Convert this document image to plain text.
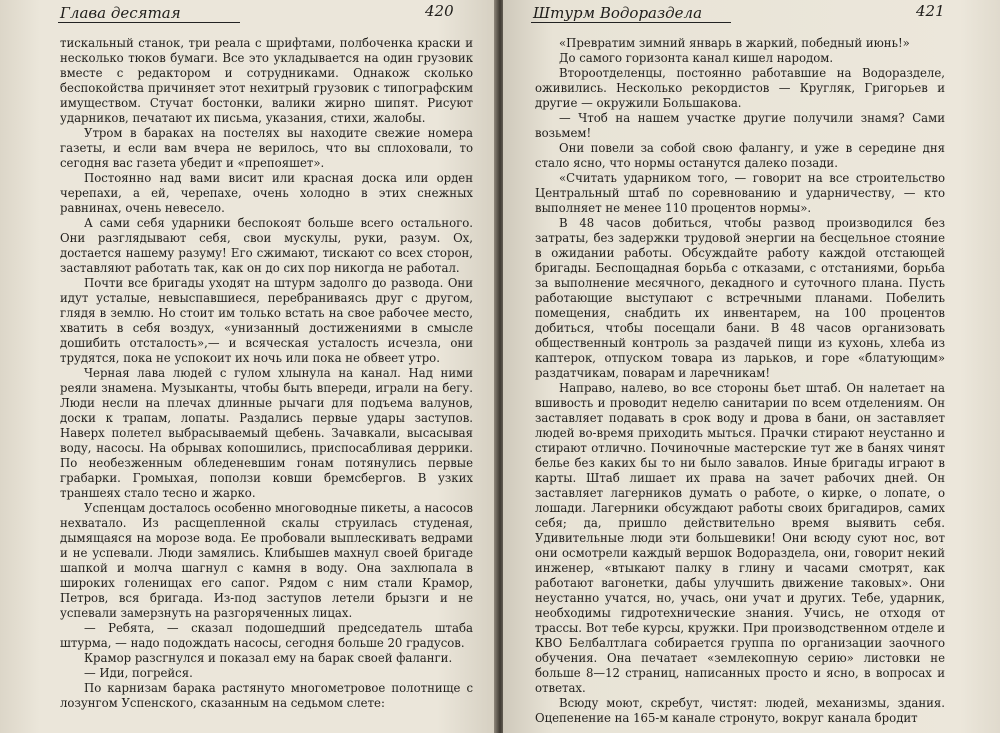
Глава десятая	420

тискальный станок, три реала с шрифтами, полбоченка краски и несколько тюков бумаги. Все это укладывается на один грузовик вместе с редактором и сотрудниками. Однакож сколько беспокойства причиняет этот нехитрый грузовик с типографским имуществом. Стучат бостонки, валики жирно шипят. Рисуют ударников, печатают их письма, указания, стихи, жалобы.

Утром в бараках на постелях вы находите свежие номера газеты, и если вам вчера не верилось, что вы сплоховали, то сегодня вас газета убедит и «препояшет».

Постоянно над вами висит или красная доска или орден черепахи, а ей, черепахе, очень холодно в этих снежных равнинах, очень невесело.

А сами себя ударники беспокоят больше всего остального. Они разглядывают себя, свои мускулы, руки, разум. Ох, достается нашему разуму! Его сжимают, тискают со всех сторон, заставляют работать так, как он до сих пор никогда не работал.

Почти все бригады уходят на штурм задолго до развода. Они идут усталые, невыспавшиеся, перебраниваясь друг с другом, глядя в землю. Но стоит им только встать на свое рабочее место, хватить в себя воздух, «унизанный достижениями в смысле дошибить отсталость»,— и всяческая усталость исчезла, они трудятся, пока не успокоит их ночь или пока не обвеет утро.

Черная лава людей с гулом хлынула на канал. Над ними реяли знамена. Музыканты, чтобы быть впереди, играли на бегу. Люди несли на плечах длинные рычаги для подъема валунов, доски к трапам, лопаты. Раздались первые удары заступов. Наверх полетел выбрасываемый щебень. Зачавкали, высасывая воду, насосы. На обрывах копошились, приспосабливая деррики. По необезженным обледеневшим гонам потянулись первые грабарки. Громыхая, поползи ковши бремсбергов. В узких траншеях стало тесно и жарко.

Успенцам досталось особенно многоводные пикеты, а насосов нехватало. Из расщепленной скалы струилась студеная, дымящаяся на морозе вода. Ее пробовали выплескивать ведрами и не успевали. Люди замялись. Клибышев махнул своей бригаде шапкой и молча шагнул с камня в воду. Она захлюпала в широких голенищах его сапог. Рядом с ним стали Крамор, Петров, вся бригада. Из-под заступов летели брызги и не успевали замерзнуть на разгоряченных лицах.

— Ребята, — сказал подошедший председатель штаба штурма, — надо подождать насосы, сегодня больше 20 градусов.

Крамор разсгнулся и показал ему на барак своей фаланги.

— Иди, погрейся.

По карнизам барака растянуто многометровое полотнище с лозунгом Успенского, сказанным на седьмом слете:

Штурм Водораздела	421

«Превратим зимний январь в жаркий, победный июнь!»

До самого горизонта канал кишел народом.

Второотделенцы, постоянно работавшие на Водоразделе, оживились. Несколько рекордистов — Кругляк, Григорьев и другие — окружили Большакова.

— Чтоб на нашем участке другие получили знамя? Сами возьмем!

Они повели за собой свою фалангу, и уже в середине дня стало ясно, что нормы останутся далеко позади.

«Считать ударником того, — говорит на все строительство Центральный штаб по соревнованию и ударничеству, — кто выполняет не менее 110 процентов нормы».

В 48 часов добиться, чтобы развод производился без затраты, без задержки трудовой энергии на бесцельное стояние в ожидании работы. Обсуждайте работу каждой отстающей бригады. Беспощадная борьба с отказами, с отстаниями, борьба за выполнение месячного, декадного и суточного плана. Пусть работающие выступают с встречными планами. Побелить помещения, снабдить их инвентарем, на 100 процентов добиться, чтобы посещали бани. В 48 часов организовать общественный контроль за раздачей пищи из кухонь, хлеба из каптерок, отпуском товара из ларьков, и горе «блатующим» раздатчикам, поварам и ларечникам!

Направо, налево, во все стороны бьет штаб. Он налетает на вшивость и проводит неделю санитарии по всем отделениям. Он заставляет подавать в срок воду и дрова в бани, он заставляет людей во-время приходить мыться. Прачки стирают неустанно и стирают отлично. Починочные мастерские тут же в банях чинят белье без каких бы то ни было завалов. Иные бригады играют в карты. Штаб лишает их права на зачет рабочих дней. Он заставляет лагерников думать о работе, о кирке, о лопате, о лошади. Лагерники обсуждают работы своих бригадиров, самих себя; да, пришло действительно время выявить себя. Удивительные люди эти большевики! Они всюду суют нос, вот они осмотрели каждый вершок Водораздела, они, говорит некий инженер, «втыкают палку в глину и часами смотрят, как работают вагонетки, дабы улучшить движение таковых». Они неустанно учатся, но, учась, они учат и других. Тебе, ударник, необходимы гидротехнические знания. Учись, не отходя от трассы. Вот тебе курсы, кружки. При производственном отделе и КВО Белбалтлага собирается группа по организации заочного обучения. Она печатает «землекопную серию» листовки не больше 8—12 страниц, написанных просто и ясно, в вопросах и ответах.

Всюду моют, скребут, чистят: людей, механизмы, здания. Оцепенение на 165-м канале стронуто, вокруг канала бродит
